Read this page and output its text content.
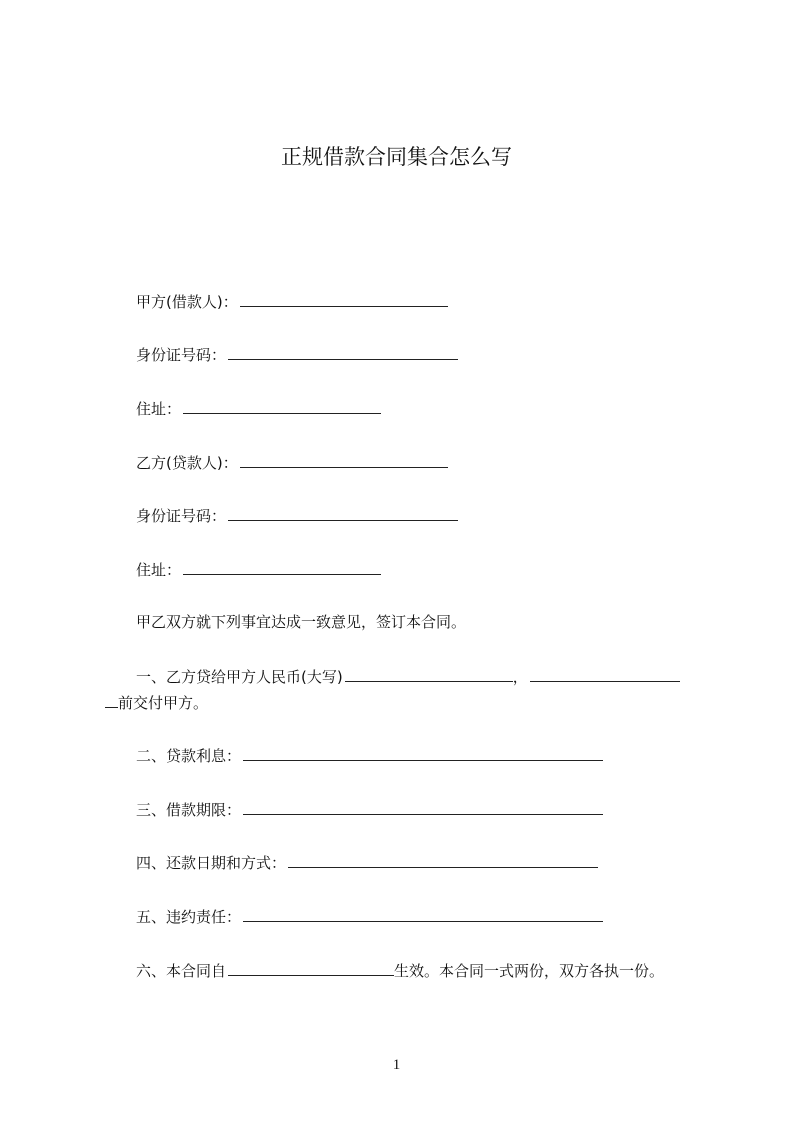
正规借款合同集合怎么写
甲方(借款人)：
身份证号码：
住址：
乙方(贷款人)：
身份证号码：
住址：
甲乙双方就下列事宜达成一致意见，签订本合同。
一、乙方贷给甲方人民币(大写)	，
前交付甲方。
二、贷款利息：
三、借款期限：
四、还款日期和方式：
五、违约责任：
六、本合同自	生效。本合同一式两份，双方各执一份。
1
